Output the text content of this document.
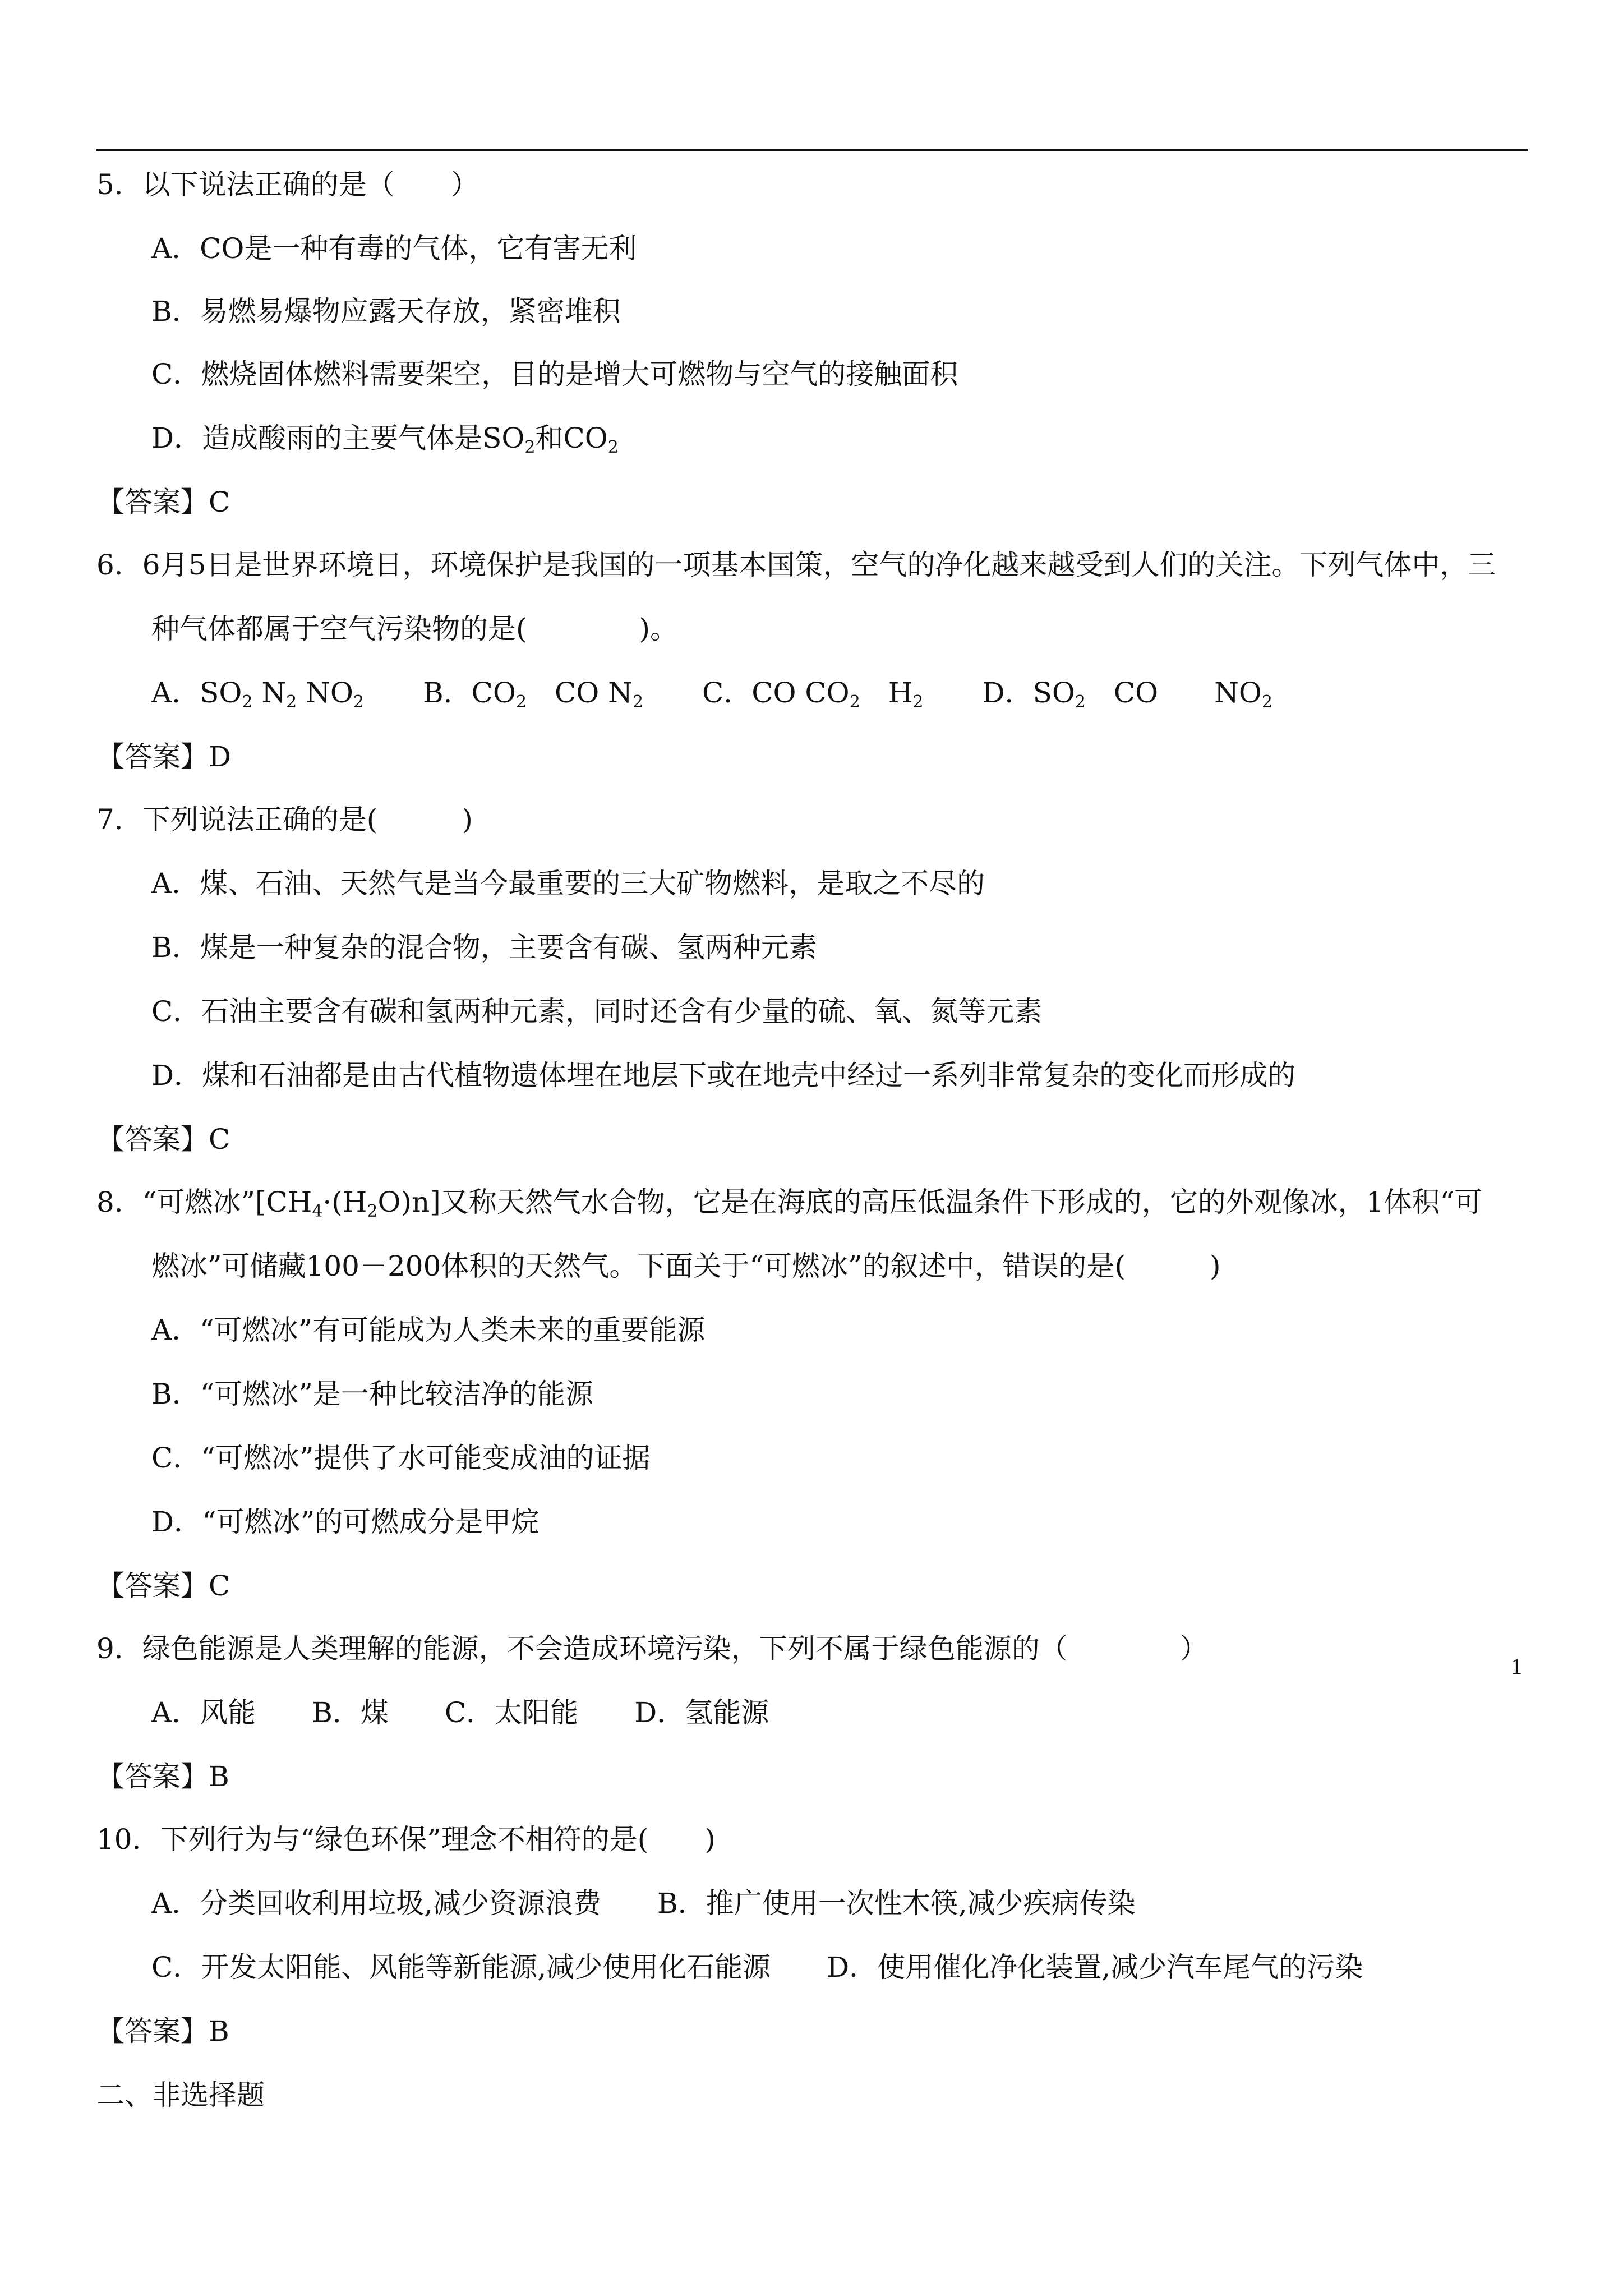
5．以下说法正确的是（　　）
A．CO是一种有毒的气体，它有害无利
B．易燃易爆物应露天存放，紧密堆积
C．燃烧固体燃料需要架空，目的是增大可燃物与空气的接触面积
D．造成酸雨的主要气体是$SO_2$和$CO_2$
【答案】C
6．6月5日是世界环境日，环境保护是我国的一项基本国策，空气的净化越来越受到人们的关注。下列气体中，三
种气体都属于空气污染物的是(　　　　)。
A．$SO_2$ $N_2$ $NO_2$ B．$CO_2$　CO $N_2$ C．CO $CO_2$　$H_2$ D．$SO_2$　CO　　$NO_2$
【答案】D
7．下列说法正确的是(　　　)
A．煤、石油、天然气是当今最重要的三大矿物燃料，是取之不尽的
B．煤是一种复杂的混合物，主要含有碳、氢两种元素
C．石油主要含有碳和氢两种元素，同时还含有少量的硫、氧、氮等元素
D．煤和石油都是由古代植物遗体埋在地层下或在地壳中经过一系列非常复杂的变化而形成的
【答案】C
8．“可燃冰$”[CH_4\cdot(H_2O)n]$又称天然气水合物，它是在海底的高压低温条件下形成的，它的外观像冰，1体积“可
燃冰”可储藏100－200体积的天然气。下面关于“可燃冰”的叙述中，错误的是(　　　)
A．“可燃冰”有可能成为人类未来的重要能源
B．“可燃冰”是一种比较洁净的能源
C．“可燃冰”提供了水可能变成油的证据
D．“可燃冰”的可燃成分是甲烷
【答案】C
9．绿色能源是人类理解的能源，不会造成环境污染，下列不属于绿色能源的（　　　　）
A．风能　　B．煤　　C．太阳能　　D．氢能源
【答案】B
10．下列行为与“绿色环保”理念不相符的是(　　)
A．分类回收利用垃圾,减少资源浪费　　B．推广使用一次性木筷,减少疾病传染
C．开发太阳能、风能等新能源,减少使用化石能源　　D．使用催化净化装置,减少汽车尾气的污染
【答案】B
二、非选择题
1
